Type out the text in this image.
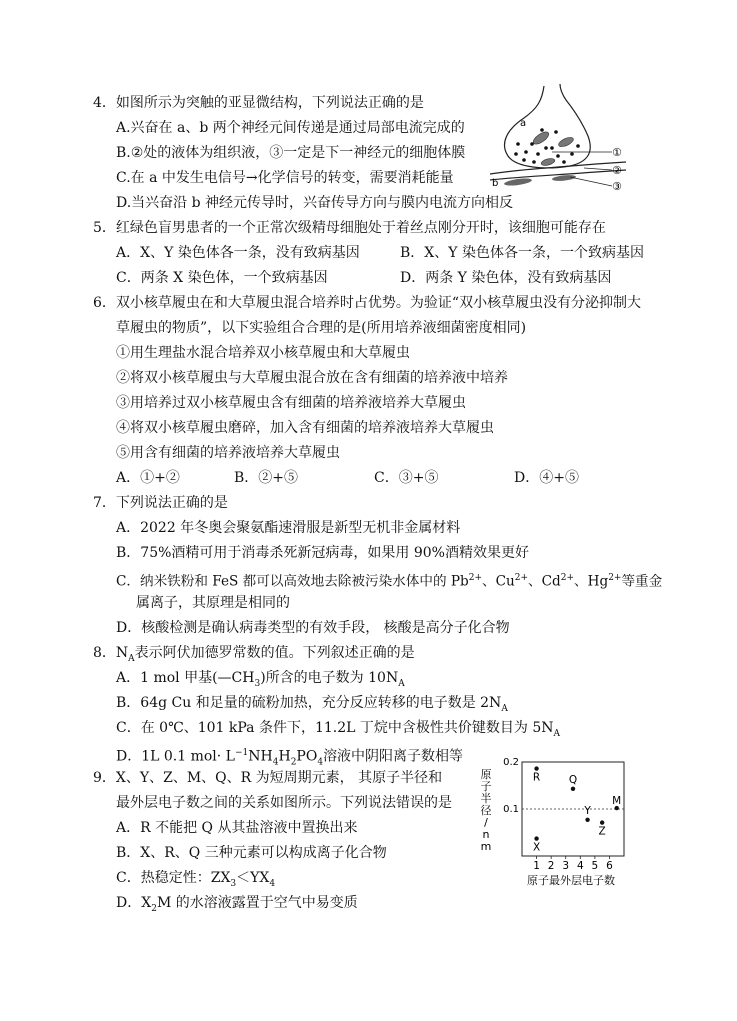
4．如图所示为突触的亚显微结构，下列说法正确的是
A.兴奋在 a、b 两个神经元间传递是通过局部电流完成的
B.②处的液体为组织液，③一定是下一神经元的细胞体膜
C.在 a 中发生电信号→化学信号的转变，需要消耗能量
D.当兴奋沿 b 神经元传导时，兴奋传导方向与膜内电流方向相反
a
b
①
②
③
5．红绿色盲男患者的一个正常次级精母细胞处于着丝点刚分开时，该细胞可能存在
A．X、Y 染色体各一条，没有致病基因	B．X、Y 染色体各一条，一个致病基因
C．两条 X 染色体，一个致病基因	D．两条 Y 染色体，没有致病基因
6．双小核草履虫在和大草履虫混合培养时占优势。为验证“双小核草履虫没有分泌抑制大
草履虫的物质”，以下实验组合合理的是(所用培养液细菌密度相同)
①用生理盐水混合培养双小核草履虫和大草履虫
②将双小核草履虫与大草履虫混合放在含有细菌的培养液中培养
③用培养过双小核草履虫含有细菌的培养液培养大草履虫
④将双小核草履虫磨碎，加入含有细菌的培养液培养大草履虫
⑤用含有细菌的培养液培养大草履虫
A．①+②	B．②+⑤	C．③+⑤	D．④+⑤
7．下列说法正确的是
A．2022 年冬奥会聚氨酯速滑服是新型无机非金属材料
B．75%酒精可用于消毒杀死新冠病毒，如果用 90%酒精效果更好
C．纳米铁粉和 FeS 都可以高效地去除被污染水体中的 $Pb^{2+}$、$Cu^{2+}$、$Cd^{2+}$、$Hg^{2+}$等重金
属离子，其原理是相同的
D．核酸检测是确认病毒类型的有效手段， 核酸是高分子化合物
8．$N_A$表示阿伏加德罗常数的值。下列叙述正确的是
A．1 mol 甲基$(—CH_3)$所含的电子数为 $10N_A$
B．64g Cu 和足量的硫粉加热，充分反应转移的电子数是 $2N_A$
C．在 0℃、101 kPa 条件下，11.2L 丁烷中含极性共价键数目为 $5N_A$
D．1L 0.1 $mol\cdot L^{-1}NH_4H_2PO_4$溶液中阴阳离子数相等
9．X、Y、Z、M、Q、R 为短周期元素， 其原子半径和
最外层电子数之间的关系如图所示。下列说法错误的是
A．R 不能把 Q 从其盐溶液中置换出来
B．X、R、Q 三种元素可以构成离子化合物
C．热稳定性：$ZX_3<YX_4$
D．$X_2M$ 的水溶液露置于空气中易变质
0.2
0.1
1 2 3 4 5 6
原子半径/ n m
原子最外层电子数
R
X
Q
Y
Z
M
